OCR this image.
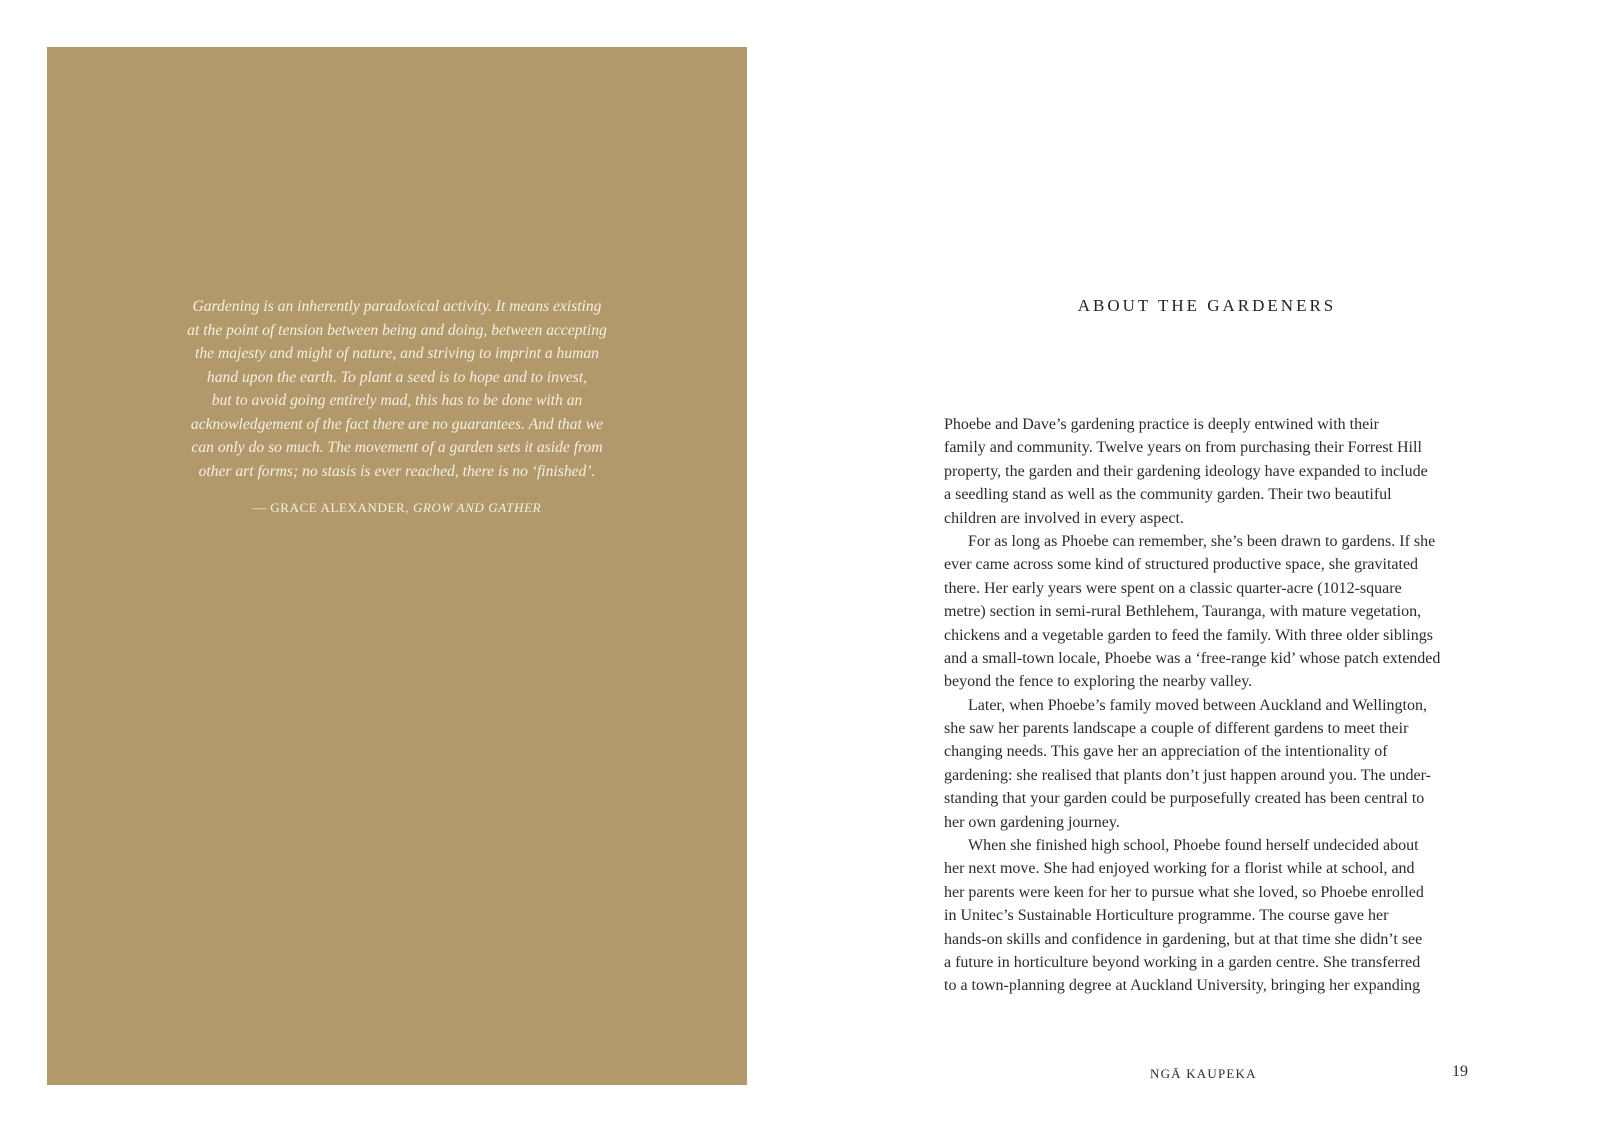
Gardening is an inherently paradoxical activity. It means existing
at the point of tension between being and doing, between accepting
the majesty and might of nature, and striving to imprint a human
hand upon the earth. To plant a seed is to hope and to invest,
but to avoid going entirely mad, this has to be done with an
acknowledgement of the fact there are no guarantees. And that we
can only do so much. The movement of a garden sets it aside from
other art forms; no stasis is ever reached, there is no ‘finished’.

— GRACE ALEXANDER, GROW AND GATHER
ABOUT THE GARDENERS
Phoebe and Dave’s gardening practice is deeply entwined with their
family and community. Twelve years on from purchasing their Forrest Hill
property, the garden and their gardening ideology have expanded to include
a seedling stand as well as the community garden. Their two beautiful
children are involved in every aspect.
For as long as Phoebe can remember, she’s been drawn to gardens. If she
ever came across some kind of structured productive space, she gravitated
there. Her early years were spent on a classic quarter-acre (1012-square
metre) section in semi-rural Bethlehem, Tauranga, with mature vegetation,
chickens and a vegetable garden to feed the family. With three older siblings
and a small-town locale, Phoebe was a ‘free-range kid’ whose patch extended
beyond the fence to exploring the nearby valley.
Later, when Phoebe’s family moved between Auckland and Wellington,
she saw her parents landscape a couple of different gardens to meet their
changing needs. This gave her an appreciation of the intentionality of
gardening: she realised that plants don’t just happen around you. The under-
standing that your garden could be purposefully created has been central to
her own gardening journey.
When she finished high school, Phoebe found herself undecided about
her next move. She had enjoyed working for a florist while at school, and
her parents were keen for her to pursue what she loved, so Phoebe enrolled
in Unitec’s Sustainable Horticulture programme. The course gave her
hands-on skills and confidence in gardening, but at that time she didn’t see
a future in horticulture beyond working in a garden centre. She transferred
to a town-planning degree at Auckland University, bringing her expanding
NGĀ KAUPEKA	19
